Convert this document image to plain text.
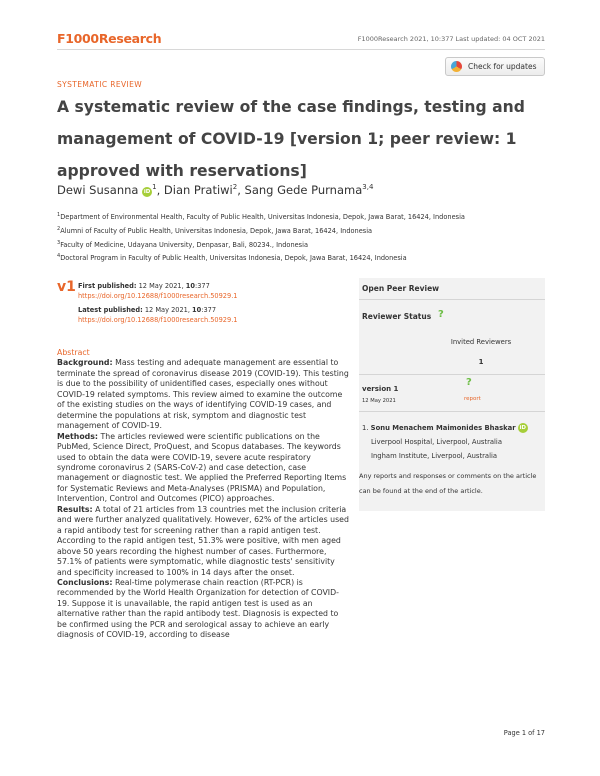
F1000Research	F1000Research 2021, 10:377 Last updated: 04 OCT 2021
SYSTEMATIC REVIEW
Check for updates
A systematic review of the case findings, testing and management of COVID-19 [version 1; peer review: 1 approved with reservations]
Dewi Susanna $iD^1$, Dian Pratiwi$^2$, Sang Gede Purnama$^{3,4}$
$^1$Department of Environmental Health, Faculty of Public Health, Universitas Indonesia, Depok, Jawa Barat, 16424, Indonesia
$^2$Alumni of Faculty of Public Health, Universitas Indonesia, Depok, Jawa Barat, 16424, Indonesia
$^3$Faculty of Medicine, Udayana University, Denpasar, Bali, 80234., Indonesia
$^4$Doctoral Program in Faculty of Public Health, Universitas Indonesia, Depok, Jawa Barat, 16424, Indonesia
v1 First published: 12 May 2021, 10:377
https://doi.org/10.12688/f1000research.50929.1
Latest published: 12 May 2021, 10:377
https://doi.org/10.12688/f1000research.50929.1
Abstract

Background: Mass testing and adequate management are essential to terminate the spread of coronavirus disease 2019 (COVID-19). This testing is due to the possibility of unidentified cases, especially ones without COVID-19 related symptoms. This review aimed to examine the outcome of the existing studies on the ways of identifying COVID-19 cases, and determine the populations at risk, symptom and diagnostic test management of COVID-19.

Methods: The articles reviewed were scientific publications on the PubMed, Science Direct, ProQuest, and Scopus databases. The keywords used to obtain the data were COVID-19, severe acute respiratory syndrome coronavirus 2 (SARS-CoV-2) and case detection, case management or diagnostic test. We applied the Preferred Reporting Items for Systematic Reviews and Meta-Analyses (PRISMA) and Population, Intervention, Control and Outcomes (PICO) approaches.

Results: A total of 21 articles from 13 countries met the inclusion criteria and were further analyzed qualitatively. However, 62% of the articles used a rapid antibody test for screening rather than a rapid antigen test. According to the rapid antigen test, 51.3% were positive, with men aged above 50 years recording the highest number of cases. Furthermore, 57.1% of patients were symptomatic, while diagnostic tests' sensitivity and specificity increased to 100% in 14 days after the onset.

Conclusions: Real-time polymerase chain reaction (RT-PCR) is recommended by the World Health Organization for detection of COVID-19. Suppose it is unavailable, the rapid antigen test is used as an alternative rather than the rapid antibody test. Diagnosis is expected to be confirmed using the PCR and serological assay to achieve an early diagnosis of COVID-19, according to disease

Open Peer Review
Reviewer Status ?
Invited Reviewers
1
version 1
12 May 2021
?
report
1. Sonu Menachem Maimonides Bhaskar iD
Liverpool Hospital, Liverpool, Australia
Ingham Institute, Liverpool, Australia
Any reports and responses or comments on the article can be found at the end of the article.
Page 1 of 17
